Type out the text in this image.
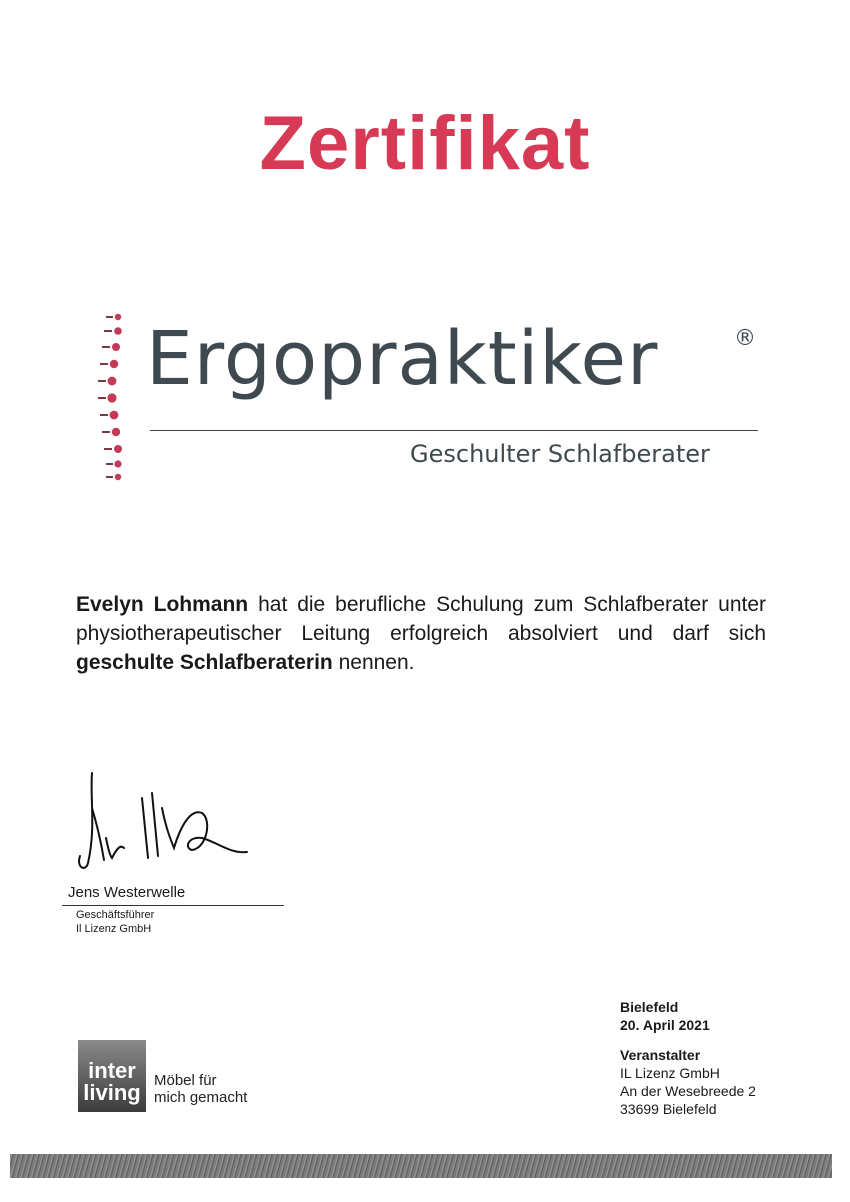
Zertifikat
Ergopraktiker	®
Geschulter Schlafberater
Evelyn Lohmann hat die berufliche Schulung zum Schlafberater unter physiotherapeutischer Leitung erfolgreich absolviert und darf sich geschulte Schlafberaterin nennen.
Jens Westerwelle
Geschäftsführer
Il Lizenz GmbH
Bielefeld
20. April 2021
Veranstalter
IL Lizenz GmbH
An der Wesebreede 2
33699 Bielefeld
inter
living Möbel für
mich gemacht
